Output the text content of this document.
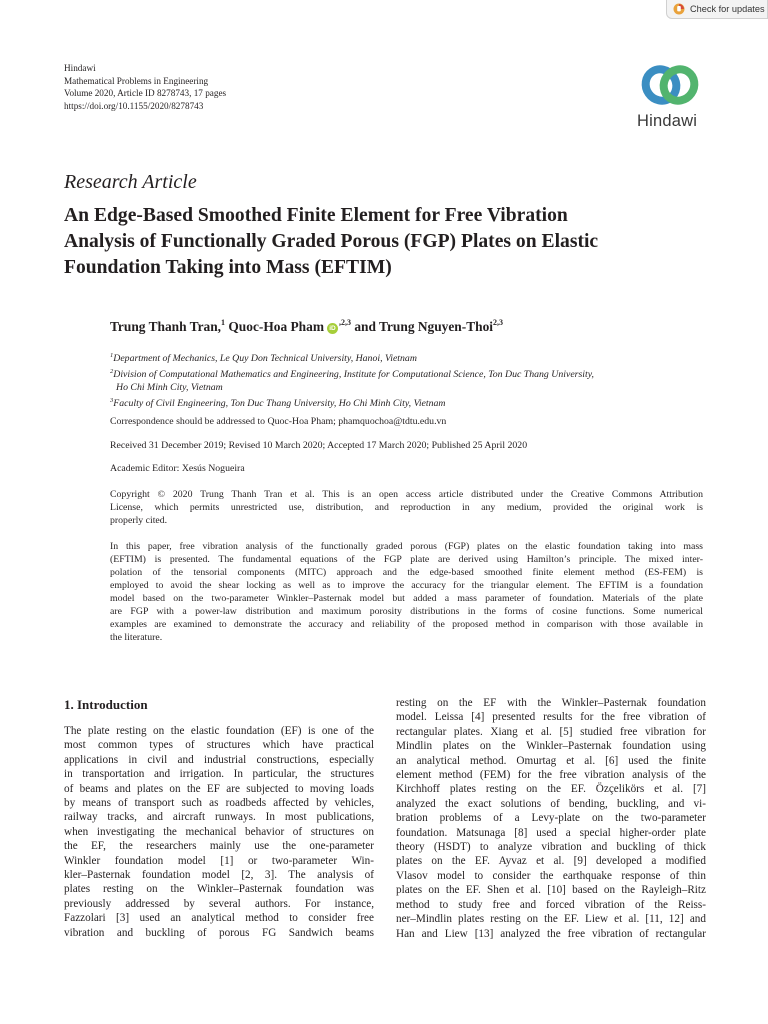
Check for updates
Hindawi
Mathematical Problems in Engineering
Volume 2020, Article ID 8278743, 17 pages
https://doi.org/10.1155/2020/8278743
Hindawi
Research Article
An Edge-Based Smoothed Finite Element for Free Vibration
Analysis of Functionally Graded Porous (FGP) Plates on Elastic
Foundation Taking into Mass (EFTIM)
Trung Thanh Tran,$^1$ Quoc-Hoa Pham $iD^{,2,3}$ and Trung Nguyen-Thoi$^{2,3}$
$^1$Department of Mechanics, Le Quy Don Technical University, Hanoi, Vietnam
$^2$Division of Computational Mathematics and Engineering, Institute for Computational Science, Ton Duc Thang University,
Ho Chi Minh City, Vietnam
$^3$Faculty of Civil Engineering, Ton Duc Thang University, Ho Chi Minh City, Vietnam
Correspondence should be addressed to Quoc-Hoa Pham; phamquochoa@tdtu.edu.vn
Received 31 December 2019; Revised 10 March 2020; Accepted 17 March 2020; Published 25 April 2020
Academic Editor: Xesús Nogueira
Copyright © 2020 Trung Thanh Tran et al. This is an open access article distributed under the Creative Commons Attribution
License, which permits unrestricted use, distribution, and reproduction in any medium, provided the original work is
properly cited.
In this paper, free vibration analysis of the functionally graded porous (FGP) plates on the elastic foundation taking into mass
(EFTIM) is presented. The fundamental equations of the FGP plate are derived using Hamilton’s principle. The mixed inter-
polation of the tensorial components (MITC) approach and the edge-based smoothed finite element method (ES-FEM) is
employed to avoid the shear locking as well as to improve the accuracy for the triangular element. The EFTIM is a foundation
model based on the two-parameter Winkler–Pasternak model but added a mass parameter of foundation. Materials of the plate
are FGP with a power-law distribution and maximum porosity distributions in the forms of cosine functions. Some numerical
examples are examined to demonstrate the accuracy and reliability of the proposed method in comparison with those available in
the literature.
1. Introduction
The plate resting on the elastic foundation (EF) is one of the
most common types of structures which have practical
applications in civil and industrial constructions, especially
in transportation and irrigation. In particular, the structures
of beams and plates on the EF are subjected to moving loads
by means of transport such as roadbeds affected by vehicles,
railway tracks, and aircraft runways. In most publications,
when investigating the mechanical behavior of structures on
the EF, the researchers mainly use the one-parameter
Winkler foundation model [1] or two-parameter Win-
kler–Pasternak foundation model [2, 3]. The analysis of
plates resting on the Winkler–Pasternak foundation was
previously addressed by several authors. For instance,
Fazzolari [3] used an analytical method to consider free
vibration and buckling of porous FG Sandwich beams
resting on the EF with the Winkler–Pasternak foundation
model. Leissa [4] presented results for the free vibration of
rectangular plates. Xiang et al. [5] studied free vibration for
Mindlin plates on the Winkler–Pasternak foundation using
an analytical method. Omurtag et al. [6] used the finite
element method (FEM) for the free vibration analysis of the
Kirchhoff plates resting on the EF. Özçelikörs et al. [7]
analyzed the exact solutions of bending, buckling, and vi-
bration problems of a Levy-plate on the two-parameter
foundation. Matsunaga [8] used a special higher-order plate
theory (HSDT) to analyze vibration and buckling of thick
plates on the EF. Ayvaz et al. [9] developed a modified
Vlasov model to consider the earthquake response of thin
plates on the EF. Shen et al. [10] based on the Rayleigh–Ritz
method to study free and forced vibration of the Reiss-
ner–Mindlin plates resting on the EF. Liew et al. [11, 12] and
Han and Liew [13] analyzed the free vibration of rectangular
